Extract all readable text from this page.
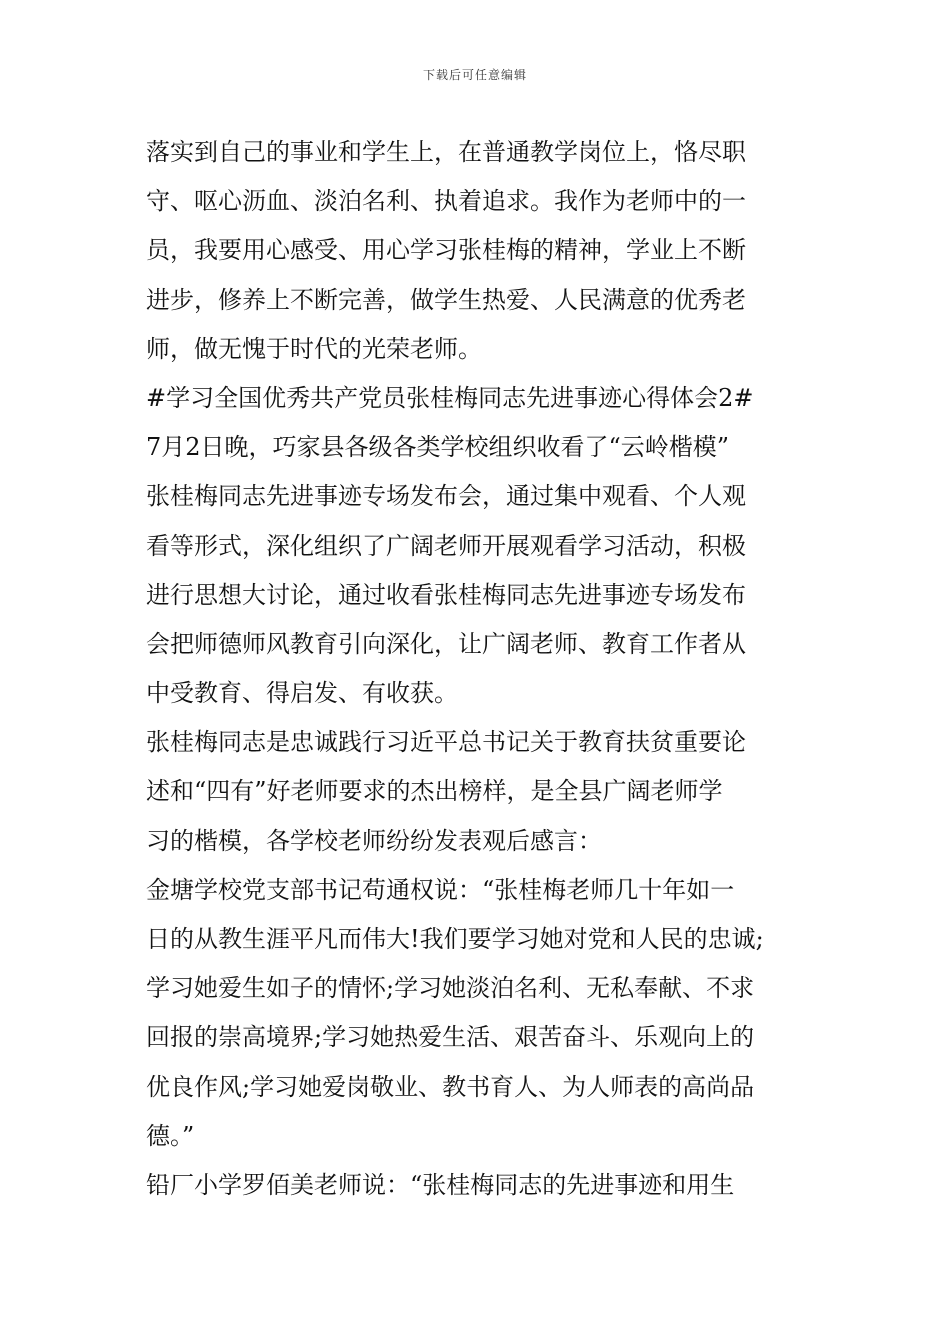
下载后可任意编辑
落实到自己的事业和学生上，在普通教学岗位上，恪尽职
守、呕心沥血、淡泊名利、执着追求。我作为老师中的一
员，我要用心感受、用心学习张桂梅的精神，学业上不断
进步，修养上不断完善，做学生热爱、人民满意的优秀老
师，做无愧于时代的光荣老师。
#学习全国优秀共产党员张桂梅同志先进事迹心得体会2#
7月2日晚，巧家县各级各类学校组织收看了“云岭楷模”
张桂梅同志先进事迹专场发布会，通过集中观看、个人观
看等形式，深化组织了广阔老师开展观看学习活动，积极
进行思想大讨论，通过收看张桂梅同志先进事迹专场发布
会把师德师风教育引向深化，让广阔老师、教育工作者从
中受教育、得启发、有收获。
张桂梅同志是忠诚践行习近平总书记关于教育扶贫重要论
述和“四有”好老师要求的杰出榜样，是全县广阔老师学
习的楷模，各学校老师纷纷发表观后感言：
金塘学校党支部书记苟通权说：“张桂梅老师几十年如一
日的从教生涯平凡而伟大!我们要学习她对党和人民的忠诚;
学习她爱生如子的情怀;学习她淡泊名利、无私奉献、不求
回报的崇高境界;学习她热爱生活、艰苦奋斗、乐观向上的
优良作风;学习她爱岗敬业、教书育人、为人师表的高尚品
德。”
铅厂小学罗佰美老师说：“张桂梅同志的先进事迹和用生
